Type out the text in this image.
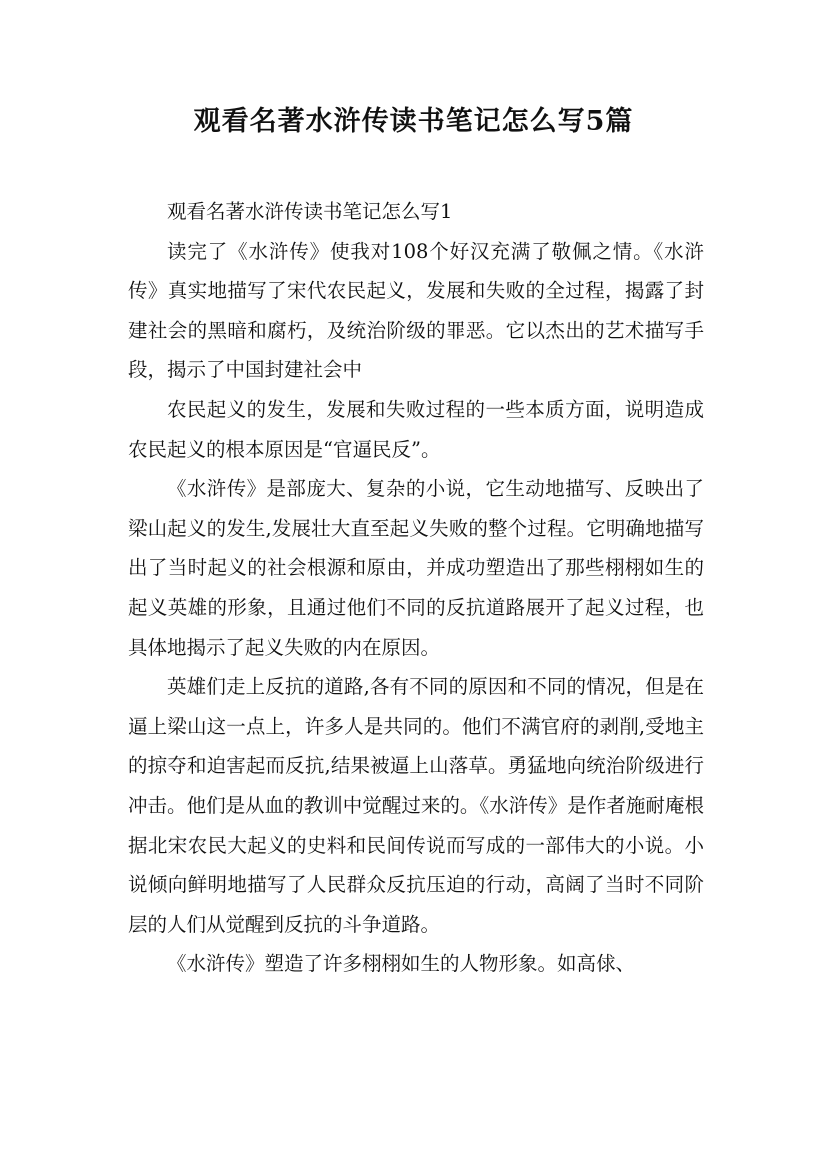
观看名著水浒传读书笔记怎么写5篇

观看名著水浒传读书笔记怎么写1

读完了《水浒传》使我对108个好汉充满了敬佩之情。《水浒传》真实地描写了宋代农民起义，发展和失败的全过程，揭露了封建社会的黑暗和腐朽，及统治阶级的罪恶。它以杰出的艺术描写手段，揭示了中国封建社会中

农民起义的发生，发展和失败过程的一些本质方面，说明造成农民起义的根本原因是“官逼民反”。

《水浒传》是部庞大、复杂的小说，它生动地描写、反映出了梁山起义的发生,发展壮大直至起义失败的整个过程。它明确地描写出了当时起义的社会根源和原由，并成功塑造出了那些栩栩如生的起义英雄的形象，且通过他们不同的反抗道路展开了起义过程，也具体地揭示了起义失败的内在原因。

英雄们走上反抗的道路,各有不同的原因和不同的情况，但是在逼上梁山这一点上，许多人是共同的。他们不满官府的剥削,受地主的掠夺和迫害起而反抗,结果被逼上山落草。勇猛地向统治阶级进行冲击。他们是从血的教训中觉醒过来的。《水浒传》是作者施耐庵根据北宋农民大起义的史料和民间传说而写成的一部伟大的小说。小说倾向鲜明地描写了人民群众反抗压迫的行动，高阔了当时不同阶层的人们从觉醒到反抗的斗争道路。

《水浒传》塑造了许多栩栩如生的人物形象。如高俅、
